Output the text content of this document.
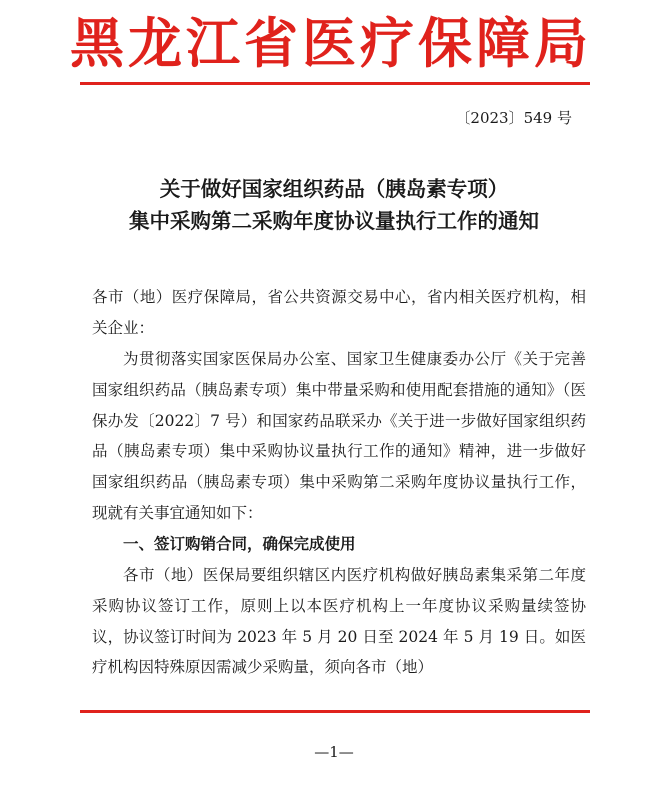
黑龙江省医疗保障局
〔2023〕549 号
关于做好国家组织药品（胰岛素专项）
集中采购第二采购年度协议量执行工作的通知
各市（地）医疗保障局，省公共资源交易中心，省内相关医疗机构，相关企业：
为贯彻落实国家医保局办公室、国家卫生健康委办公厅《关于完善国家组织药品（胰岛素专项）集中带量采购和使用配套措施的通知》（医保办发〔2022〕7 号）和国家药品联采办《关于进一步做好国家组织药品（胰岛素专项）集中采购协议量执行工作的通知》精神，进一步做好国家组织药品（胰岛素专项）集中采购第二采购年度协议量执行工作，现就有关事宜通知如下：
一、签订购销合同，确保完成使用
各市（地）医保局要组织辖区内医疗机构做好胰岛素集采第二年度采购协议签订工作，原则上以本医疗机构上一年度协议采购量续签协议，协议签订时间为 2023 年 5 月 20 日至 2024 年 5 月 19 日。如医疗机构因特殊原因需减少采购量，须向各市（地）
—1—
